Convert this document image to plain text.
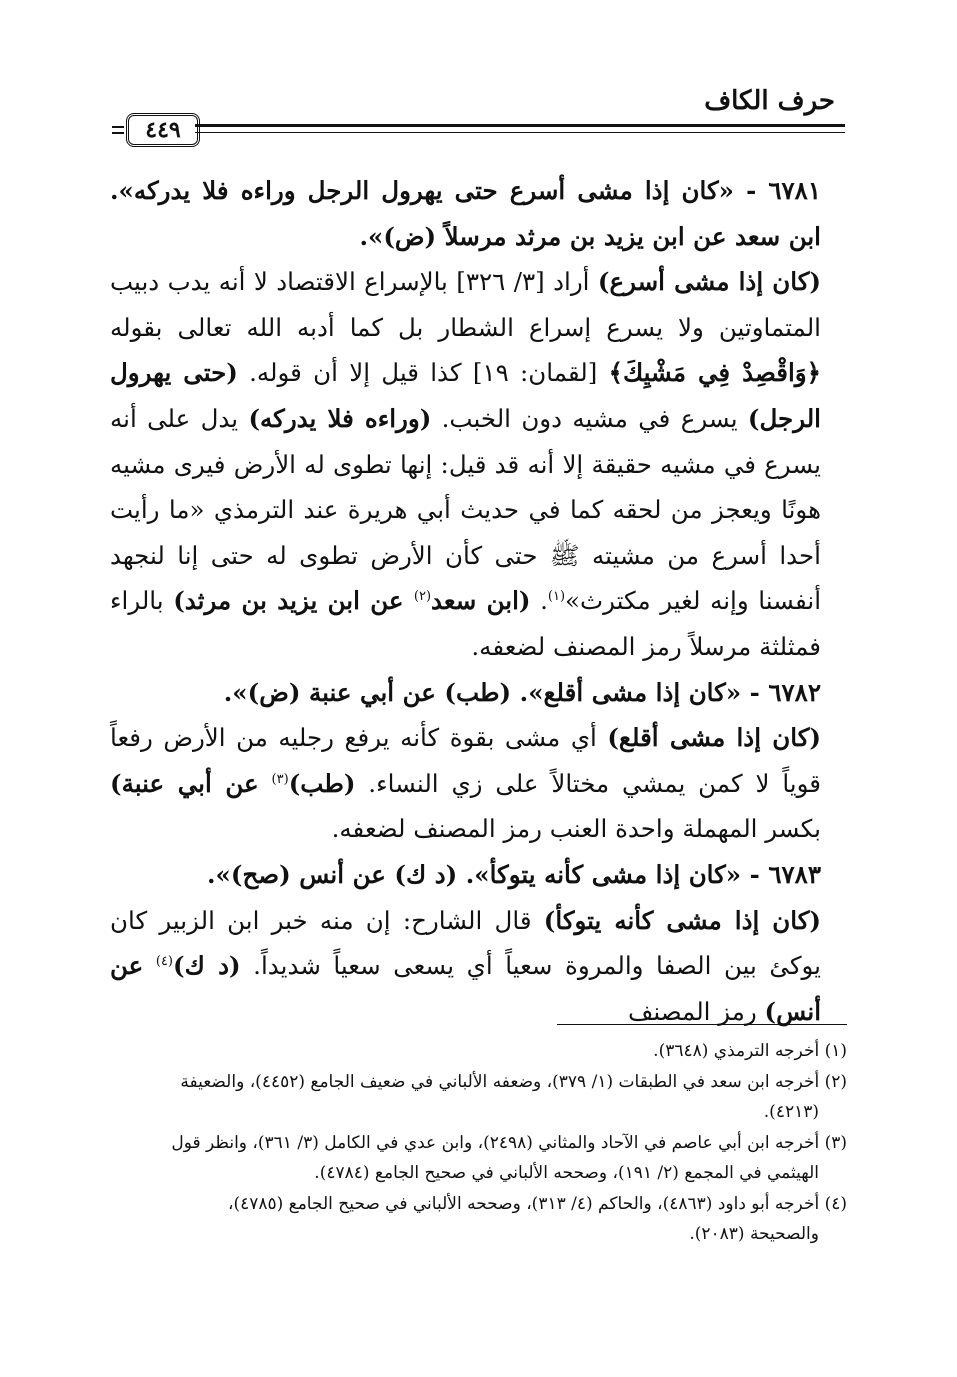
حرف الكاف
٤٤٩

٦٧٨١ - «كان إذا مشى أسرع حتى يهرول الرجل وراءه فلا يدركه». ابن سعد عن ابن يزيد بن مرثد مرسلاً (ض)».

(كان إذا مشى أسرع) أراد [٣/ ٣٢٦] بالإسراع الاقتصاد لا أنه يدب دبيب المتماوتين ولا يسرع إسراع الشطار بل كما أدبه الله تعالى بقوله ﴿وَاقْصِدْ فِي مَشْيِكَ﴾ [لقمان: ١٩] كذا قيل إلا أن قوله. (حتى يهرول الرجل) يسرع في مشيه دون الخبب. (وراءه فلا يدركه) يدل على أنه يسرع في مشيه حقيقة إلا أنه قد قيل: إنها تطوى له الأرض فيرى مشيه هونًا ويعجز من لحقه كما في حديث أبي هريرة عند الترمذي «ما رأيت أحدا أسرع من مشيته ﷺ حتى كأن الأرض تطوى له حتى إنا لنجهد أنفسنا وإنه لغير مكترث»$^{(١)}$. (ابن سعد$^{(٢)}$ عن ابن يزيد بن مرثد) بالراء فمثلثة مرسلاً رمز المصنف لضعفه.

٦٧٨٢ - «كان إذا مشى أقلع». (طب) عن أبي عنبة (ض)».

(كان إذا مشى أقلع) أي مشى بقوة كأنه يرفع رجليه من الأرض رفعاً قوياً لا كمن يمشي مختالاً على زي النساء. (طب)$^{(٣)}$ عن أبي عنبة) بكسر المهملة واحدة العنب رمز المصنف لضعفه.

٦٧٨٣ - «كان إذا مشى كأنه يتوكأ». (د ك) عن أنس (صح)».

(كان إذا مشى كأنه يتوكأ) قال الشارح: إن منه خبر ابن الزبير كان يوكئ بين الصفا والمروة سعياً أي يسعى سعياً شديداً. (د ك)$^{(٤)}$ عن أنس) رمز المصنف

(١) أخرجه الترمذي (٣٦٤٨).

(٢) أخرجه ابن سعد في الطبقات (١/ ٣٧٩)، وضعفه الألباني في ضعيف الجامع (٤٤٥٢)، والضعيفة

(٤٢١٣).

(٣) أخرجه ابن أبي عاصم في الآحاد والمثاني (٢٤٩٨)، وابن عدي في الكامل (٣/ ٣٦١)، وانظر قول

الهيثمي في المجمع (٢/ ١٩١)، وصححه الألباني في صحيح الجامع (٤٧٨٤).

(٤) أخرجه أبو داود (٤٨٦٣)، والحاكم (٤/ ٣١٣)، وصححه الألباني في صحيح الجامع (٤٧٨٥)،

والصحيحة (٢٠٨٣).
